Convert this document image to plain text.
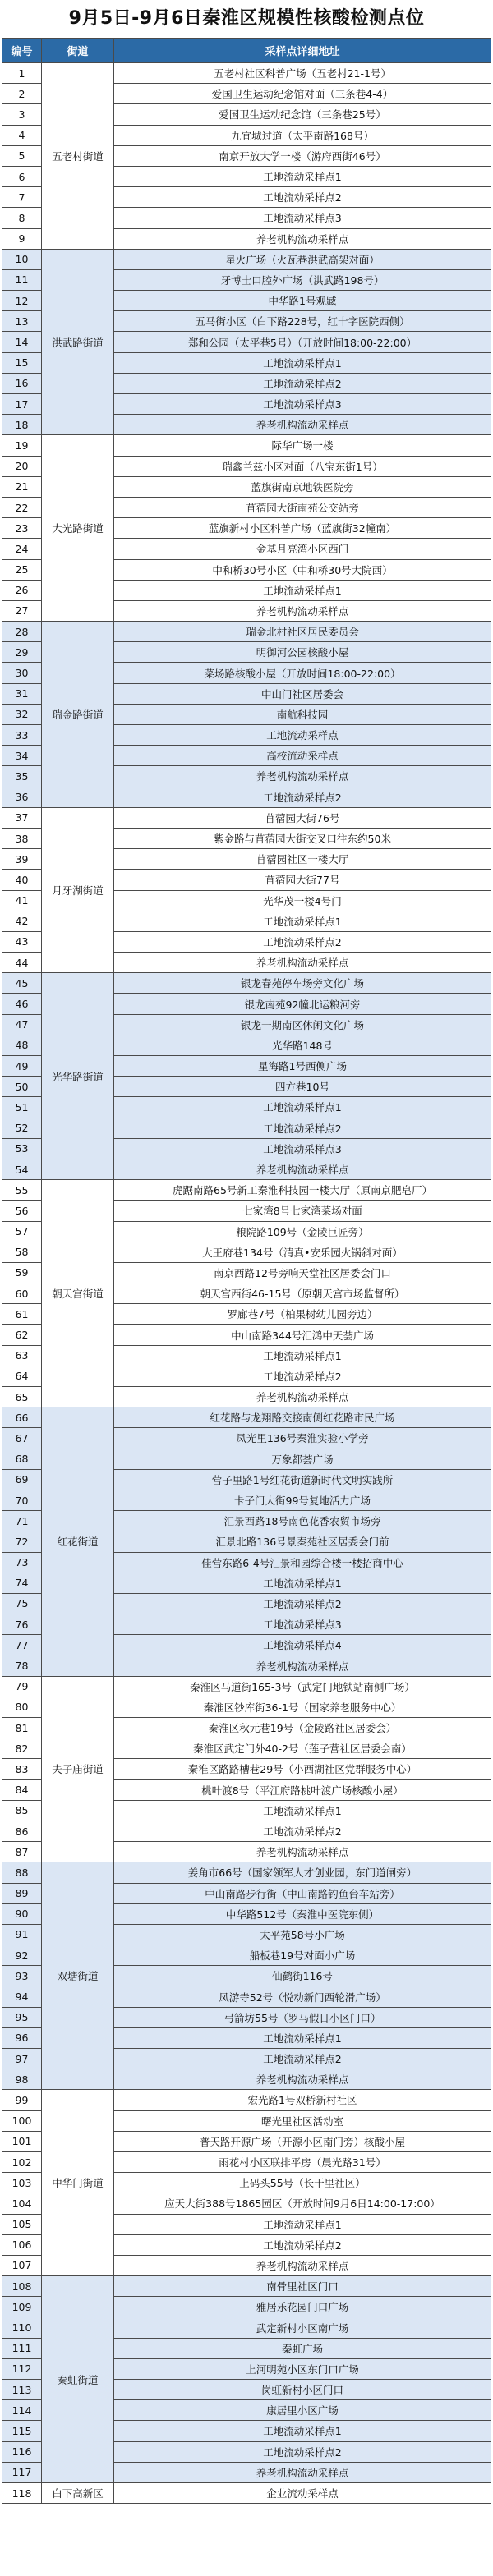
9月5日-9月6日秦淮区规模性核酸检测点位
编号	街道	采样点详细地址
1	五老村街道	五老村社区科普广场（五老村21-1号）
2		爱国卫生运动纪念馆对面（三条巷4-4）
3		爱国卫生运动纪念馆（三条巷25号）
4		九宜城过道（太平南路168号）
5		南京开放大学一楼（游府西街46号）
6		工地流动采样点1
7		工地流动采样点2
8		工地流动采样点3
9		养老机构流动采样点
10	洪武路街道	星火广场（火瓦巷洪武高架对面）
11		牙博士口腔外广场（洪武路198号）
12		中华路1号观臧
13		五马街小区（白下路228号，红十字医院西侧）
14		郑和公园（太平巷5号）（开放时间18:00-22:00）
15		工地流动采样点1
16		工地流动采样点2
17		工地流动采样点3
18		养老机构流动采样点
19	大光路街道	际华广场一楼
20		瑞鑫兰兹小区对面（八宝东街1号）
21		蓝旗街南京地铁医院旁
22		苜蓿园大街南苑公交站旁
23		蓝旗新村小区科普广场（蓝旗街32幢南）
24		金基月亮湾小区西门
25		中和桥30号小区（中和桥30号大院西）
26		工地流动采样点1
27		养老机构流动采样点
28	瑞金路街道	瑞金北村社区居民委员会
29		明御河公园核酸小屋
30		菜场路核酸小屋（开放时间18:00-22:00）
31		中山门社区居委会
32		南航科技园
33		工地流动采样点
34		高校流动采样点
35		养老机构流动采样点
36		工地流动采样点2
37	月牙湖街道	苜蓿园大街76号
38		紫金路与苜蓿园大街交叉口往东约50米
39		苜蓿园社区一楼大厅
40		苜蓿园大街77号
41		光华茂一楼4号门
42		工地流动采样点1
43		工地流动采样点2
44		养老机构流动采样点
45	光华路街道	银龙春苑停车场旁文化广场
46		银龙南苑92幢北运粮河旁
47		银龙一期南区休闲文化广场
48		光华路148号
49		星海路1号西侧广场
50		四方巷10号
51		工地流动采样点1
52		工地流动采样点2
53		工地流动采样点3
54		养老机构流动采样点
55	朝天宫街道	虎踞南路65号新工秦淮科技园一楼大厅（原南京肥皂厂）
56		七家湾8号七家湾菜场对面
57		粮院路109号（金陵巨匠旁）
58		大王府巷134号（清真•安乐园火锅斜对面）
59		南京西路12号旁响天堂社区居委会门口
60		朝天宫西街46-15号（原朝天宫市场监督所）
61		罗廊巷7号（柏果树幼儿园旁边）
62		中山南路344号汇鸿中天荟广场
63		工地流动采样点1
64		工地流动采样点2
65		养老机构流动采样点
66	红花街道	红花路与龙翔路交接南侧红花路市民广场
67		凤光里136号秦淮实验小学旁
68		万象都荟广场
69		营子里路1号红花街道新时代文明实践所
70		卡子门大街99号复地活力广场
71		汇景西路18号南色花香农贸市场旁
72		汇景北路136号景秦苑社区居委会门前
73		佳营东路6-4号汇景和园综合楼一楼招商中心
74		工地流动采样点1
75		工地流动采样点2
76		工地流动采样点3
77		工地流动采样点4
78		养老机构流动采样点
79	夫子庙街道	秦淮区马道街165-3号（武定门地铁站南侧广场）
80		秦淮区钞库街36-1号（国家养老服务中心）
81		秦淮区秋元巷19号（金陵路社区居委会）
82		秦淮区武定门外40-2号（莲子营社区居委会南）
83		秦淮区路路槽巷29号（小西湖社区党群服务中心）
84		桃叶渡8号（平江府路桃叶渡广场核酸小屋）
85		工地流动采样点1
86		工地流动采样点2
87		养老机构流动采样点
88	双塘街道	姜角市66号（国家领军人才创业园，东门道闸旁）
89		中山南路步行街（中山南路钓鱼台车站旁）
90		中华路512号（秦淮中医院东侧）
91		太平苑58号小广场
92		船板巷19号对面小广场
93		仙鹤街116号
94		凤游寺52号（悦动新门西轮滑广场）
95		弓箭坊55号（罗马假日小区门口）
96		工地流动采样点1
97		工地流动采样点2
98		养老机构流动采样点
99	中华门街道	宏光路1号双桥新村社区
100		曙光里社区活动室
101		普天路开源广场（开源小区南门旁）核酸小屋
102		雨花村小区联排平房（晨光路31号）
103		上码头55号（长干里社区）
104		应天大街388号1865园区（开放时间9月6日14:00-17:00）
105		工地流动采样点1
106		工地流动采样点2
107		养老机构流动采样点
108	秦虹街道	南骨里社区门口
109		雅居乐花园门口广场
110		武定新村小区南广场
111		秦虹广场
112		上河明苑小区东门口广场
113		岗虹新村小区门口
114		康居里小区广场
115		工地流动采样点1
116		工地流动采样点2
117		养老机构流动采样点
118	白下高新区	企业流动采样点
